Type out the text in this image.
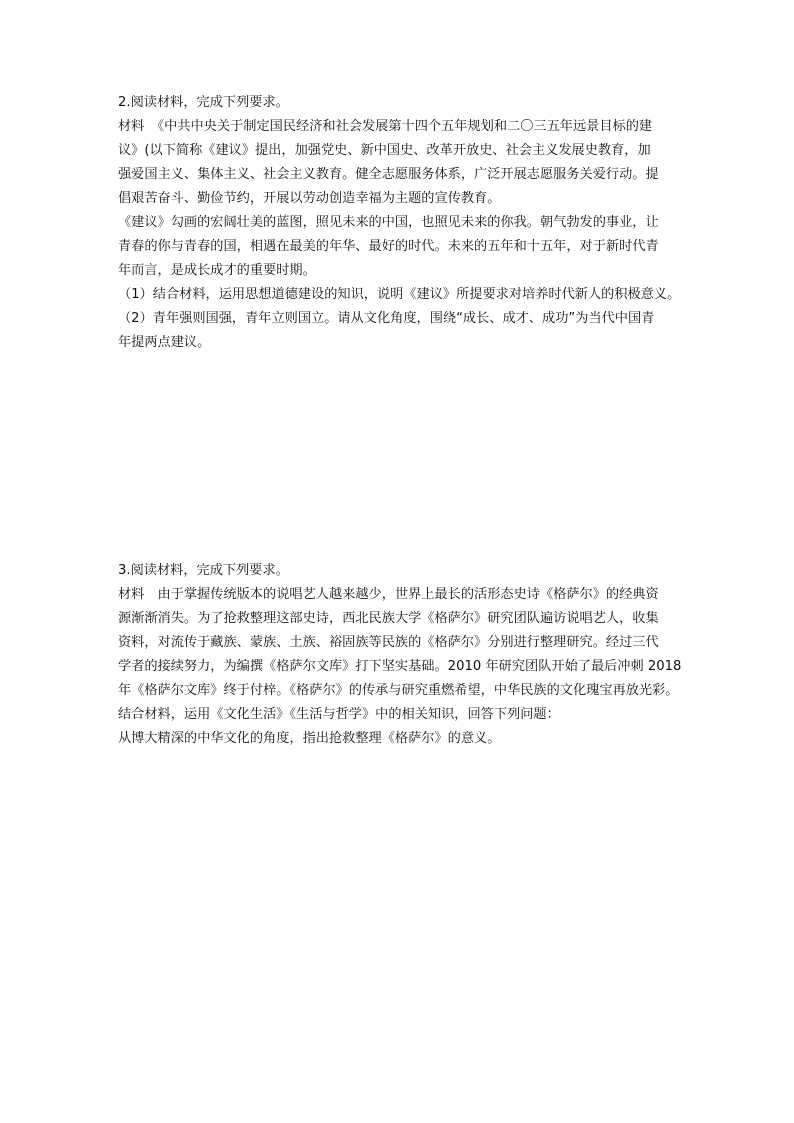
2.阅读材料，完成下列要求。
材料　《中共中央关于制定国民经济和社会发展第十四个五年规划和二〇三五年远景目标的建
议》(以下简称《建议》提出，加强党史、新中国史、改革开放史、社会主义发展史教育，加
强爱国主义、集体主义、社会主义教育。健全志愿服务体系，广泛开展志愿服务关爱行动。提
倡艰苦奋斗、勤俭节约，开展以劳动创造幸福为主题的宣传教育。
《建议》勾画的宏阔壮美的蓝图，照见未来的中国，也照见未来的你我。朝气勃发的事业，让
青春的你与青春的国，相遇在最美的年华、最好的时代。未来的五年和十五年，对于新时代青
年而言，是成长成才的重要时期。
（1）结合材料，运用思想道德建设的知识，说明《建议》所提要求对培养时代新人的积极意义。
（2）青年强则国强，青年立则国立。请从文化角度，围绕“成长、成才、成功”为当代中国青
年提两点建议。
3.阅读材料，完成下列要求。
材料　由于掌握传统版本的说唱艺人越来越少，世界上最长的活形态史诗《格萨尔》的经典资
源渐渐消失。为了抢救整理这部史诗，西北民族大学《格萨尔》研究团队遍访说唱艺人，收集
资料，对流传于藏族、蒙族、土族、裕固族等民族的《格萨尔》分别进行整理研究。经过三代
学者的接续努力，为编撰《格萨尔文库》打下坚实基础。2010 年研究团队开始了最后冲刺 2018
年《格萨尔文库》终于付梓。《格萨尔》的传承与研究重燃希望，中华民族的文化瑰宝再放光彩。
结合材料，运用《文化生活》《生活与哲学》中的相关知识，回答下列问题：
从博大精深的中华文化的角度，指出抢救整理《格萨尔》的意义。
